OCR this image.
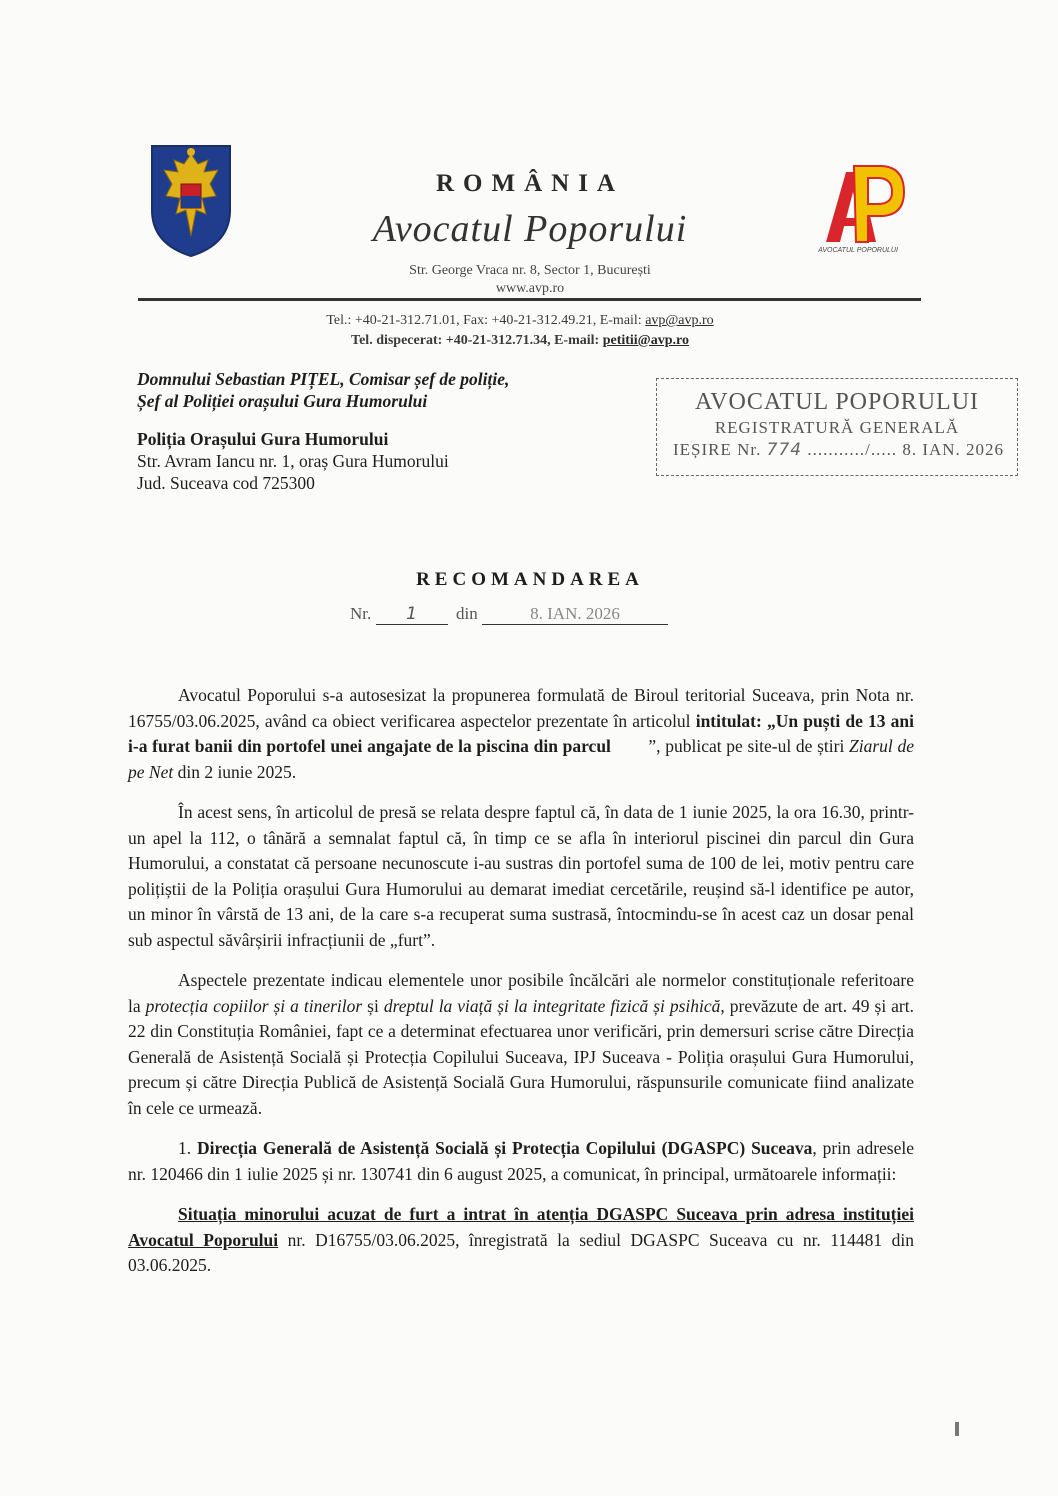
AVOCATUL POPORULUI
ROMÂNIA
Avocatul Poporului
Str. George Vraca nr. 8, Sector 1, București
www.avp.ro
Tel.: +40-21-312.71.01, Fax: +40-21-312.49.21, E-mail: avp@avp.ro
Tel. dispecerat: +40-21-312.71.34, E-mail: petitii@avp.ro
Domnului Sebastian PIȚEL, Comisar șef de poliție,
Șef al Poliției orașului Gura Humorului
Poliția Orașului Gura Humorului
Str. Avram Iancu nr. 1, oraș Gura Humorului
Jud. Suceava cod 725300
AVOCATUL POPORULUI
REGISTRATURĂ GENERALĂ
IEȘIRE Nr. 774 .........../..... 8. IAN. 2026
RECOMANDAREA
Nr. 1 din	8. IAN. 2026

Avocatul Poporului s-a autosesizat la propunerea formulată de Biroul teritorial Suceava, prin Nota nr. 16755/03.06.2025, având ca obiect verificarea aspectelor prezentate în articolul intitulat: „Un puști de 13 ani i-a furat banii din portofel unei angajate de la piscina din parcul ”, publicat pe site-ul de știri Ziarul de pe Net din 2 iunie 2025.

În acest sens, în articolul de presă se relata despre faptul că, în data de 1 iunie 2025, la ora 16.30, printr-un apel la 112, o tânără a semnalat faptul că, în timp ce se afla în interiorul piscinei din parcul din Gura Humorului, a constatat că persoane necunoscute i-au sustras din portofel suma de 100 de lei, motiv pentru care polițiștii de la Poliția orașului Gura Humorului au demarat imediat cercetările, reușind să-l identifice pe autor, un minor în vârstă de 13 ani, de la care s-a recuperat suma sustrasă, întocmindu-se în acest caz un dosar penal sub aspectul săvârșirii infracțiunii de „furt”.

Aspectele prezentate indicau elementele unor posibile încălcări ale normelor constituționale referitoare la protecția copiilor și a tinerilor și dreptul la viață și la integritate fizică și psihică, prevăzute de art. 49 și art. 22 din Constituția României, fapt ce a determinat efectuarea unor verificări, prin demersuri scrise către Direcția Generală de Asistență Socială și Protecția Copilului Suceava, IPJ Suceava - Poliția orașului Gura Humorului, precum și către Direcția Publică de Asistență Socială Gura Humorului, răspunsurile comunicate fiind analizate în cele ce urmează.

1. Direcția Generală de Asistență Socială și Protecția Copilului (DGASPC) Suceava, prin adresele nr. 120466 din 1 iulie 2025 și nr. 130741 din 6 august 2025, a comunicat, în principal, următoarele informații:

Situația minorului acuzat de furt a intrat în atenția DGASPC Suceava prin adresa instituției Avocatul Poporului nr. D16755/03.06.2025, înregistrată la sediul DGASPC Suceava cu nr. 114481 din 03.06.2025.
